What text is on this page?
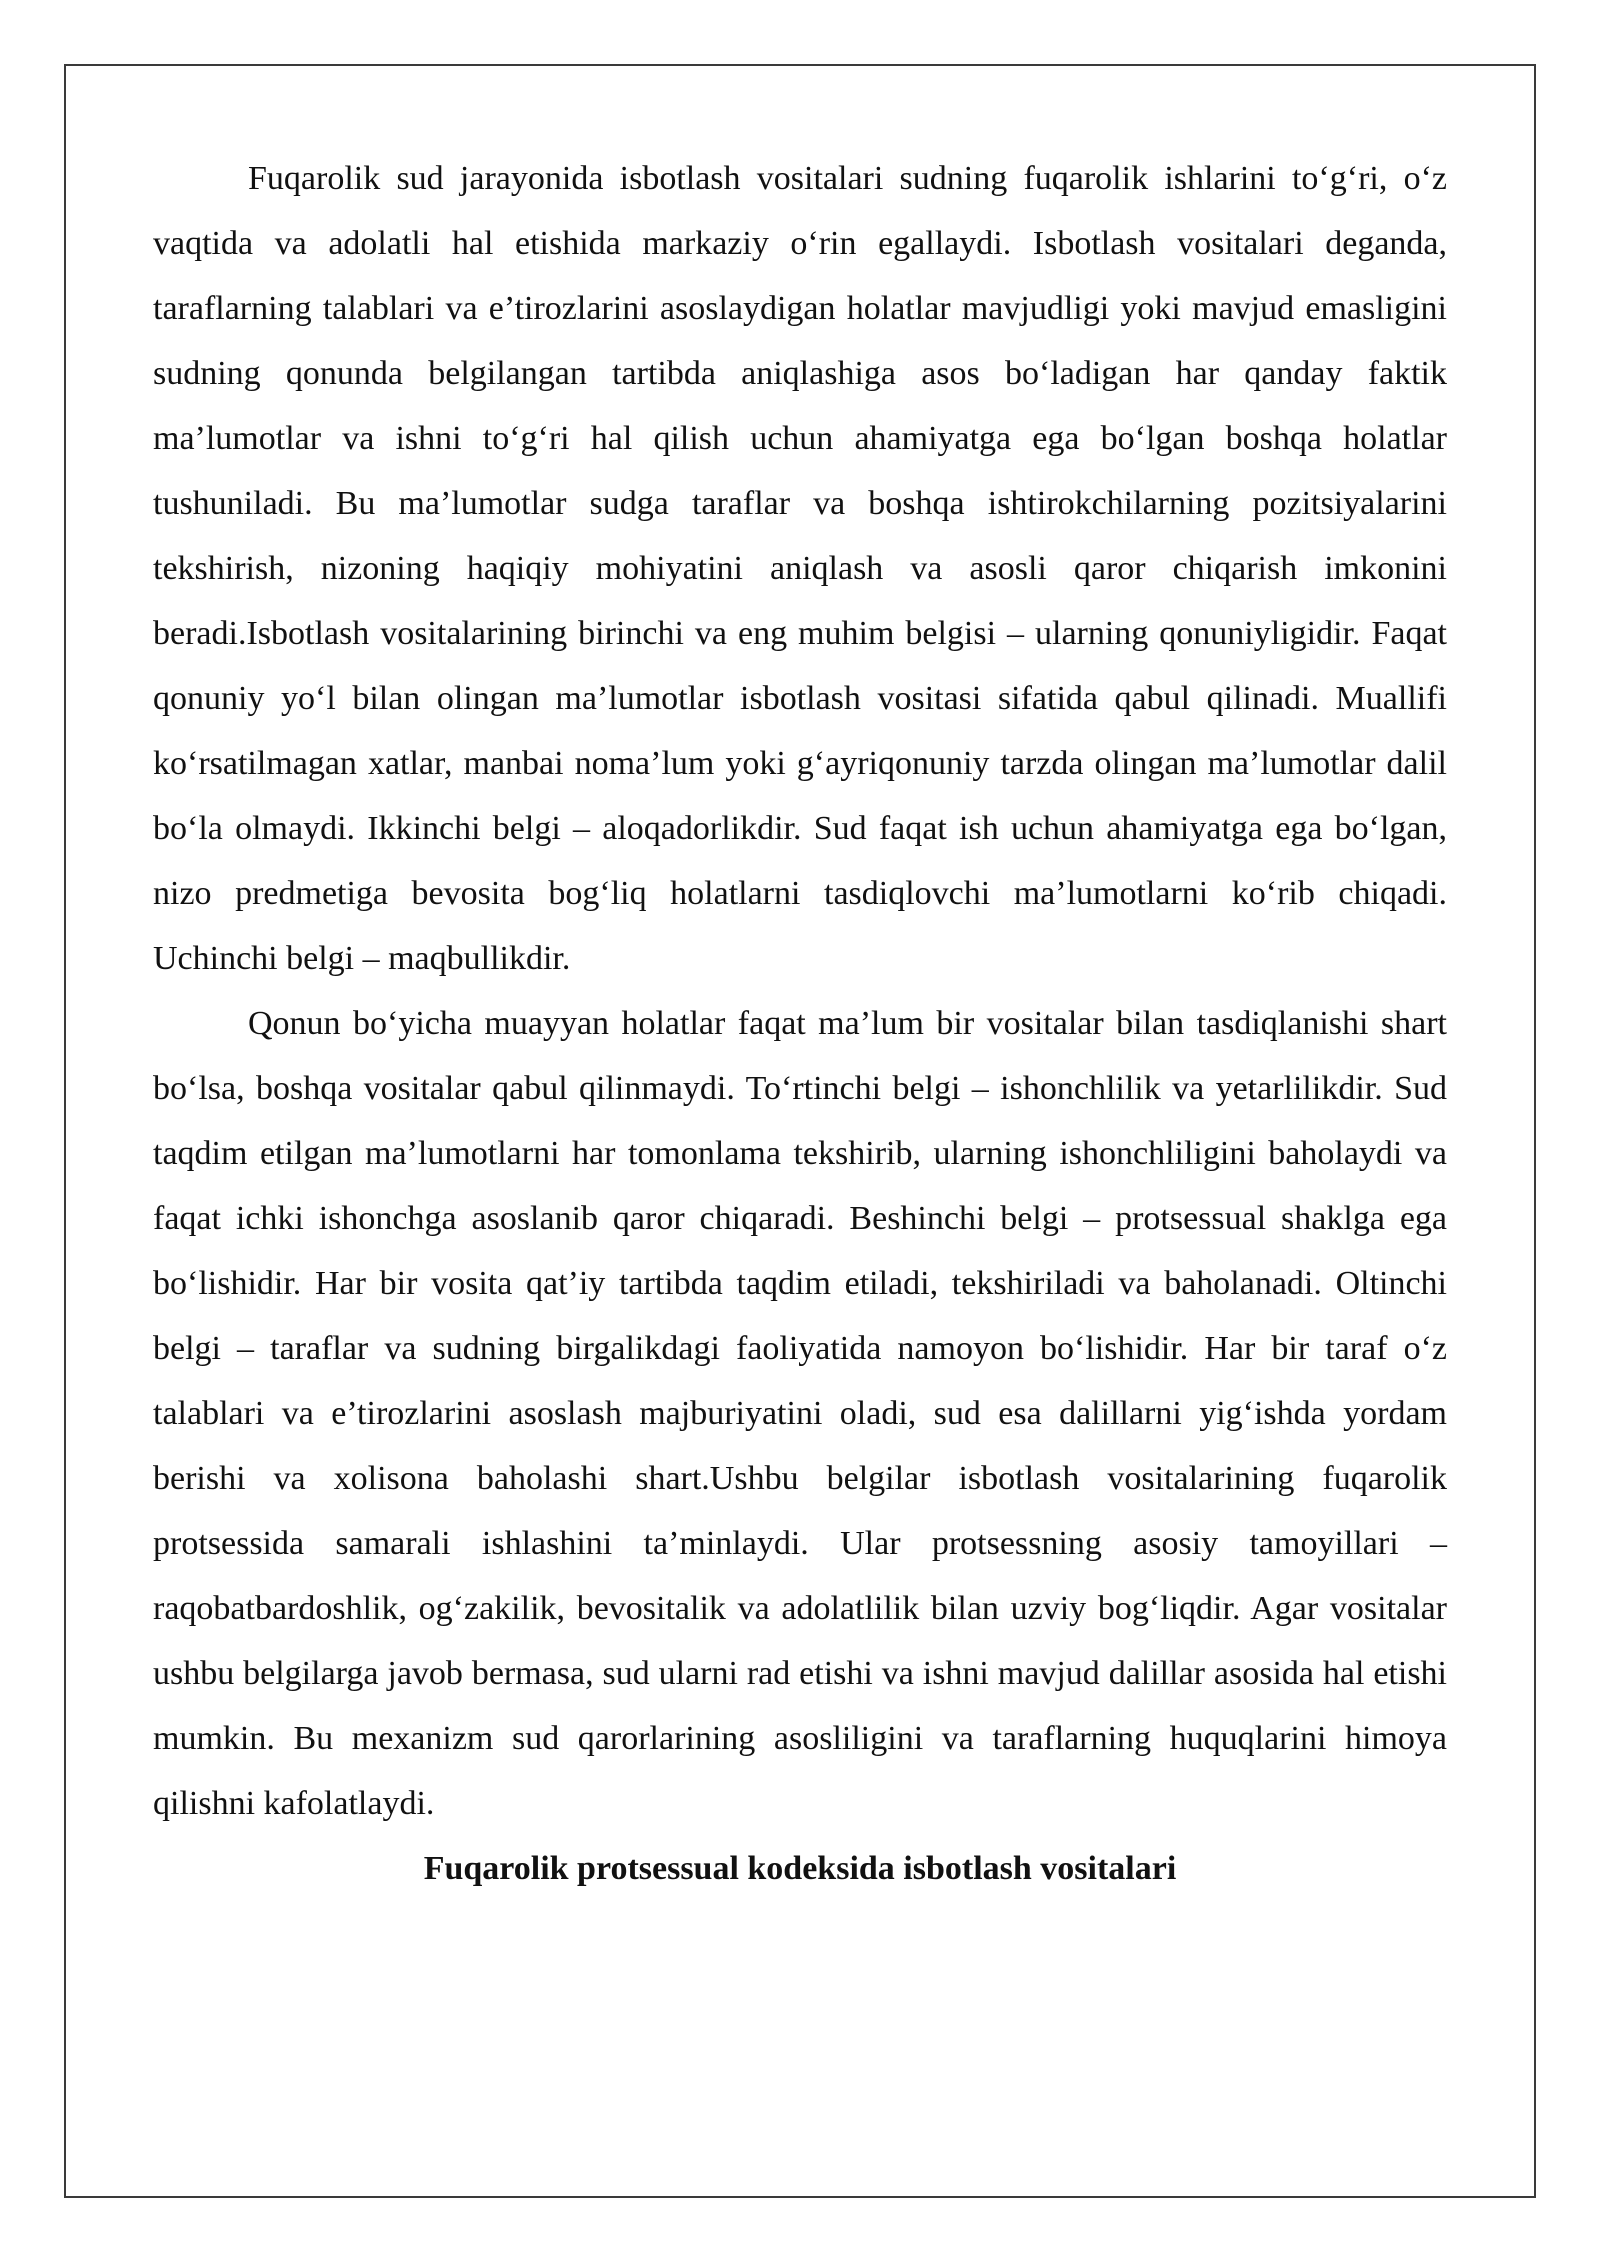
Fuqarolik sud jarayonida isbotlash vositalari sudning fuqarolik ishlarini to‘g‘ri, o‘z vaqtida va adolatli hal etishida markaziy o‘rin egallaydi. Isbotlash vositalari deganda, taraflarning talablari va e’tirozlarini asoslaydigan holatlar mavjudligi yoki mavjud emasligini sudning qonunda belgilangan tartibda aniqlashiga asos bo‘ladigan har qanday faktik ma’lumotlar va ishni to‘g‘ri hal qilish uchun ahamiyatga ega bo‘lgan boshqa holatlar tushuniladi. Bu ma’lumotlar sudga taraflar va boshqa ishtirokchilarning pozitsiyalarini tekshirish, nizoning haqiqiy mohiyatini aniqlash va asosli qaror chiqarish imkonini beradi.Isbotlash vositalarining birinchi va eng muhim belgisi – ularning qonuniyligidir. Faqat qonuniy yo‘l bilan olingan ma’lumotlar isbotlash vositasi sifatida qabul qilinadi. Muallifi ko‘rsatilmagan xatlar, manbai noma’lum yoki g‘ayriqonuniy tarzda olingan ma’lumotlar dalil bo‘la olmaydi. Ikkinchi belgi – aloqadorlikdir. Sud faqat ish uchun ahamiyatga ega bo‘lgan, nizo predmetiga bevosita bog‘liq holatlarni tasdiqlovchi ma’lumotlarni ko‘rib chiqadi. Uchinchi belgi – maqbullikdir.

Qonun bo‘yicha muayyan holatlar faqat ma’lum bir vositalar bilan tasdiqlanishi shart bo‘lsa, boshqa vositalar qabul qilinmaydi. To‘rtinchi belgi – ishonchlilik va yetarlilikdir. Sud taqdim etilgan ma’lumotlarni har tomonlama tekshirib, ularning ishonchliligini baholaydi va faqat ichki ishonchga asoslanib qaror chiqaradi. Beshinchi belgi – protsessual shaklga ega bo‘lishidir. Har bir vosita qat’iy tartibda taqdim etiladi, tekshiriladi va baholanadi. Oltinchi belgi – taraflar va sudning birgalikdagi faoliyatida namoyon bo‘lishidir. Har bir taraf o‘z talablari va e’tirozlarini asoslash majburiyatini oladi, sud esa dalillarni yig‘ishda yordam berishi va xolisona baholashi shart.Ushbu belgilar isbotlash vositalarining fuqarolik protsessida samarali ishlashini ta’minlaydi. Ular protsessning asosiy tamoyillari – raqobatbardoshlik, og‘zakilik, bevositalik va adolatlilik bilan uzviy bog‘liqdir. Agar vositalar ushbu belgilarga javob bermasa, sud ularni rad etishi va ishni mavjud dalillar asosida hal etishi mumkin. Bu mexanizm sud qarorlarining asosliligini va taraflarning huquqlarini himoya qilishni kafolatlaydi.

Fuqarolik protsessual kodeksida isbotlash vositalari
